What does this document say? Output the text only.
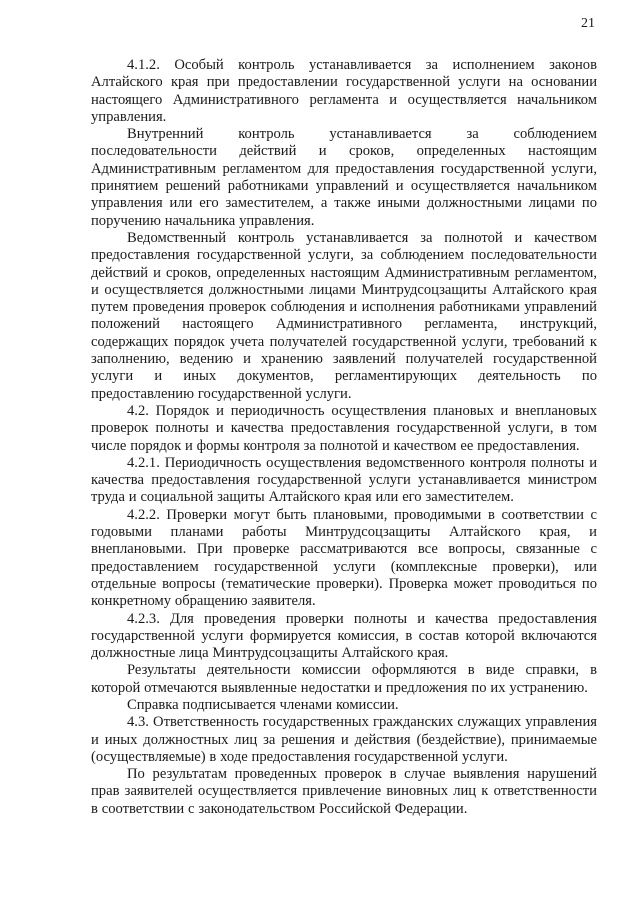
21

4.1.2. Особый контроль устанавливается за исполнением законов Алтайского края при предоставлении государственной услуги на основании настоящего Административного регламента и осуществляется начальником управления.

Внутренний контроль устанавливается за соблюдением последовательности действий и сроков, определенных настоящим Административным регламентом для предоставления государственной услуги, принятием решений работниками управлений и осуществляется начальником управления или его заместителем, а также иными должностными лицами по поручению начальника управления.

Ведомственный контроль устанавливается за полнотой и качеством предоставления государственной услуги, за соблюдением последовательности действий и сроков, определенных настоящим Административным регламентом, и осуществляется должностными лицами Минтрудсоцзащиты Алтайского края путем проведения проверок соблюдения и исполнения работниками управлений положений настоящего Административного регламента, инструкций, содержащих порядок учета получателей государственной услуги, требований к заполнению, ведению и хранению заявлений получателей государственной услуги и иных документов, регламентирующих деятельность по предоставлению государственной услуги.

4.2. Порядок и периодичность осуществления плановых и внеплановых проверок полноты и качества предоставления государственной услуги, в том числе порядок и формы контроля за полнотой и качеством ее предоставления.

4.2.1. Периодичность осуществления ведомственного контроля полноты и качества предоставления государственной услуги устанавливается министром труда и социальной защиты Алтайского края или его заместителем.

4.2.2. Проверки могут быть плановыми, проводимыми в соответствии с годовыми планами работы Минтрудсоцзащиты Алтайского края, и внеплановыми. При проверке рассматриваются все вопросы, связанные с предоставлением государственной услуги (комплексные проверки), или отдельные вопросы (тематические проверки). Проверка может проводиться по конкретному обращению заявителя.

4.2.3. Для проведения проверки полноты и качества предоставления государственной услуги формируется комиссия, в состав которой включаются должностные лица Минтрудсоцзащиты Алтайского края.

Результаты деятельности комиссии оформляются в виде справки, в которой отмечаются выявленные недостатки и предложения по их устранению.

Справка подписывается членами комиссии.

4.3. Ответственность государственных гражданских служащих управления и иных должностных лиц за решения и действия (бездействие), принимаемые (осуществляемые) в ходе предоставления государственной услуги.

По результатам проведенных проверок в случае выявления нарушений прав заявителей осуществляется привлечение виновных лиц к ответственности в соответствии с законодательством Российской Федерации.
